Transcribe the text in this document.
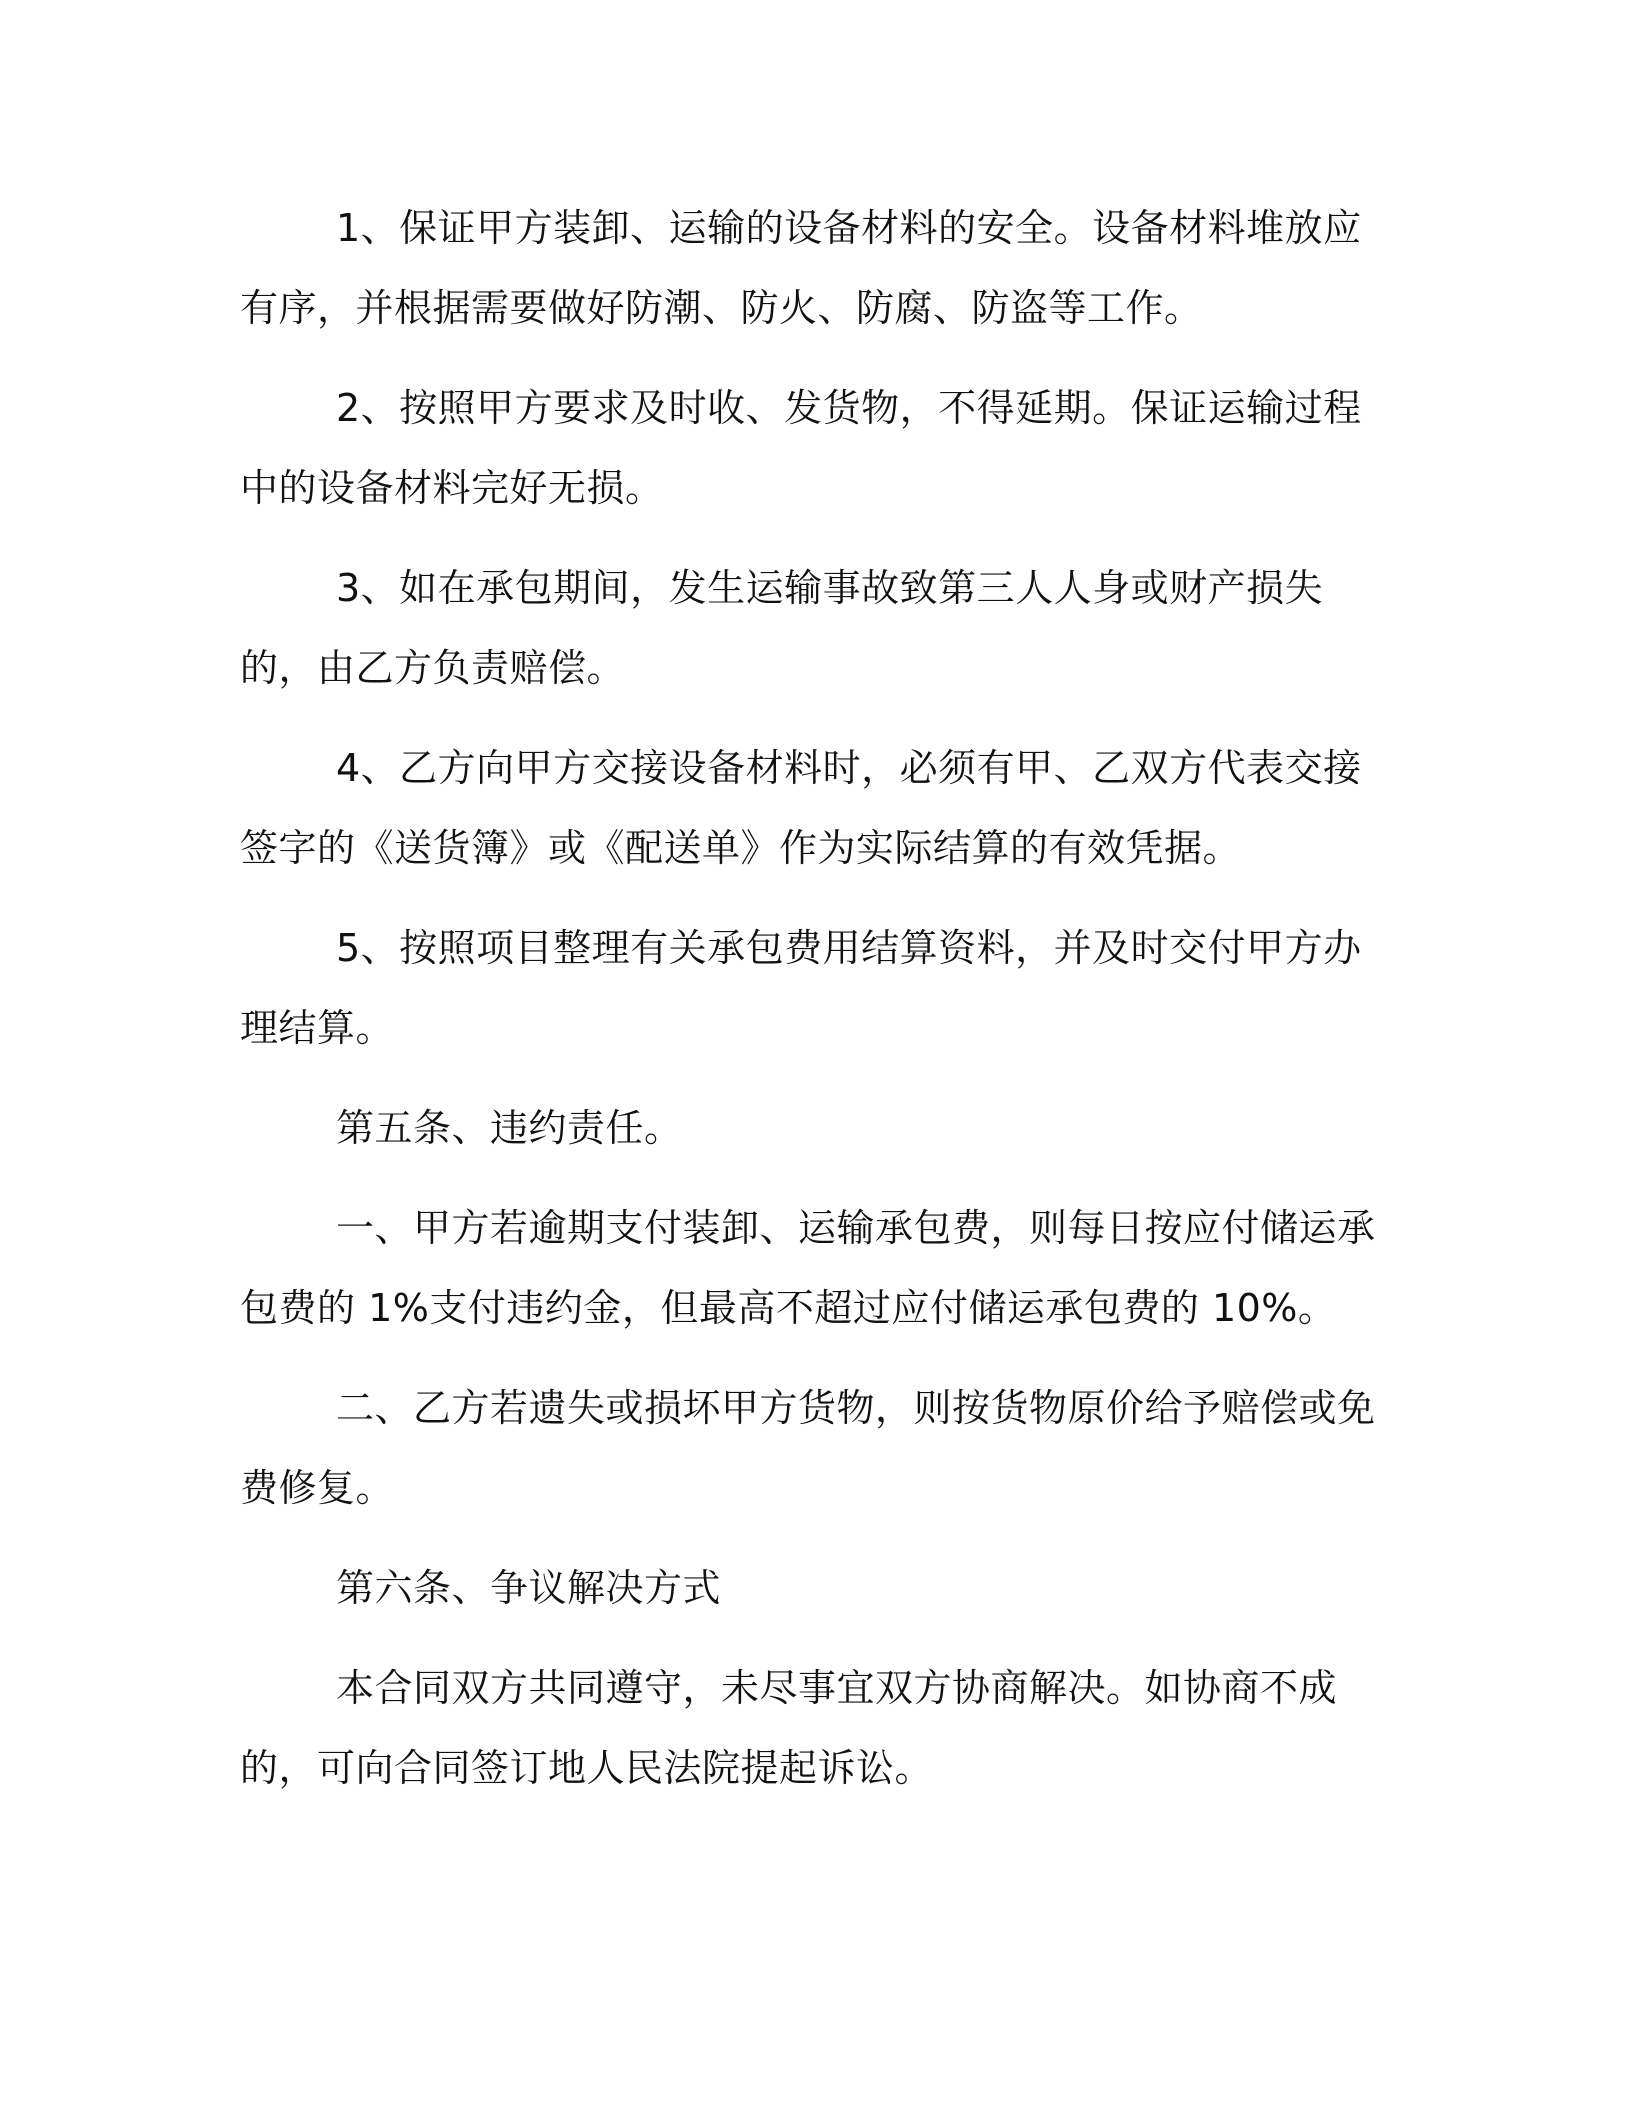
1、保证甲方装卸、运输的设备材料的安全。设备材料堆放应有序，并根据需要做好防潮、防火、防腐、防盗等工作。

2、按照甲方要求及时收、发货物，不得延期。保证运输过程中的设备材料完好无损。

3、如在承包期间，发生运输事故致第三人人身或财产损失的，由乙方负责赔偿。

4、乙方向甲方交接设备材料时，必须有甲、乙双方代表交接签字的《送货簿》或《配送单》作为实际结算的有效凭据。

5、按照项目整理有关承包费用结算资料，并及时交付甲方办理结算。

第五条、违约责任。

一、甲方若逾期支付装卸、运输承包费，则每日按应付储运承包费的 1%支付违约金，但最高不超过应付储运承包费的 10%。

二、乙方若遗失或损坏甲方货物，则按货物原价给予赔偿或免费修复。

第六条、争议解决方式

本合同双方共同遵守，未尽事宜双方协商解决。如协商不成的，可向合同签订地人民法院提起诉讼。
